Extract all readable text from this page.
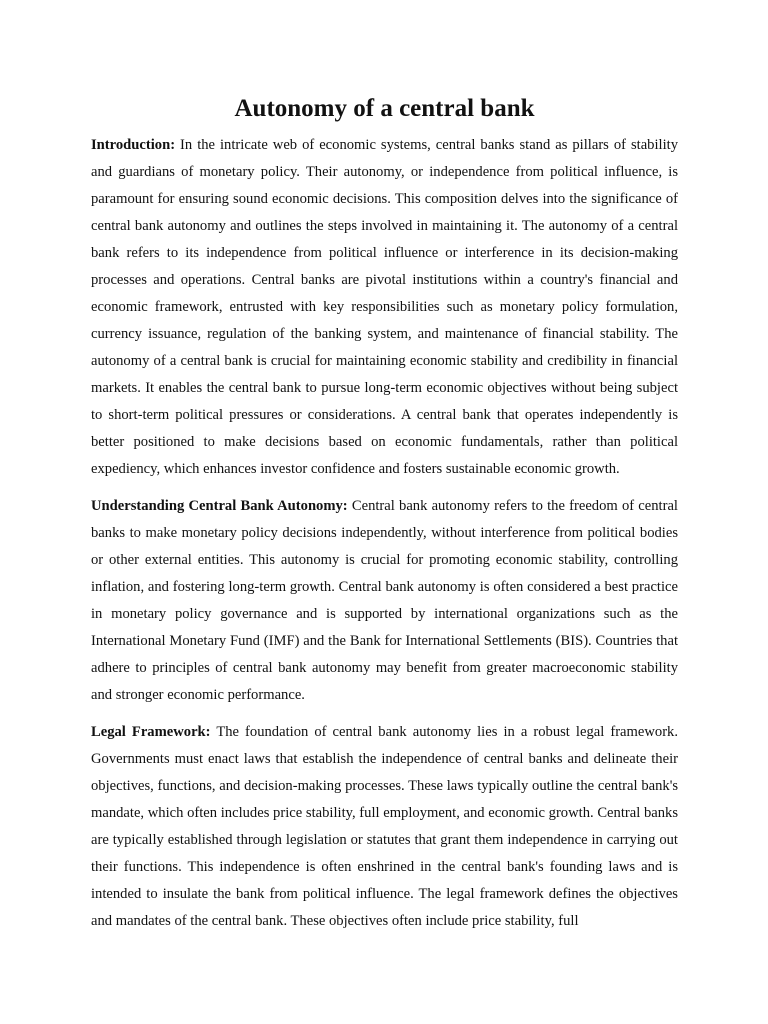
Autonomy of a central bank

Introduction: In the intricate web of economic systems, central banks stand as pillars of stability and guardians of monetary policy. Their autonomy, or independence from political influence, is paramount for ensuring sound economic decisions. This composition delves into the significance of central bank autonomy and outlines the steps involved in maintaining it. The autonomy of a central bank refers to its independence from political influence or interference in its decision-making processes and operations. Central banks are pivotal institutions within a country's financial and economic framework, entrusted with key responsibilities such as monetary policy formulation, currency issuance, regulation of the banking system, and maintenance of financial stability. The autonomy of a central bank is crucial for maintaining economic stability and credibility in financial markets. It enables the central bank to pursue long-term economic objectives without being subject to short-term political pressures or considerations. A central bank that operates independently is better positioned to make decisions based on economic fundamentals, rather than political expediency, which enhances investor confidence and fosters sustainable economic growth.

Understanding Central Bank Autonomy: Central bank autonomy refers to the freedom of central banks to make monetary policy decisions independently, without interference from political bodies or other external entities. This autonomy is crucial for promoting economic stability, controlling inflation, and fostering long-term growth. Central bank autonomy is often considered a best practice in monetary policy governance and is supported by international organizations such as the International Monetary Fund (IMF) and the Bank for International Settlements (BIS). Countries that adhere to principles of central bank autonomy may benefit from greater macroeconomic stability and stronger economic performance.

Legal Framework: The foundation of central bank autonomy lies in a robust legal framework. Governments must enact laws that establish the independence of central banks and delineate their objectives, functions, and decision-making processes. These laws typically outline the central bank's mandate, which often includes price stability, full employment, and economic growth. Central banks are typically established through legislation or statutes that grant them independence in carrying out their functions. This independence is often enshrined in the central bank's founding laws and is intended to insulate the bank from political influence. The legal framework defines the objectives and mandates of the central bank. These objectives often include price stability, full
